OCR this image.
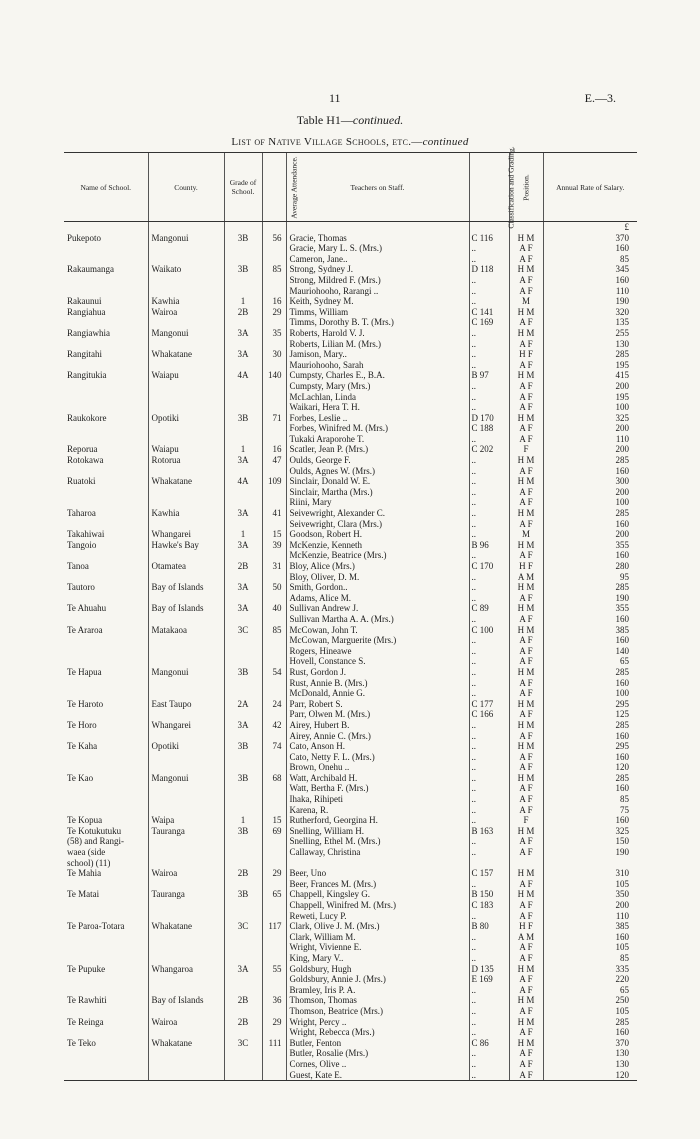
11	E.—3.
Table H1—continued.
List of Native Village Schools, etc.—continued
Name of School.	County.	Grade of School.	Average Attendance.	Teachers on Staff.	Classification and Grading.	Position.	Annual Rate of Salary.
							£
Pukepoto	Mangonui	3B	56	Gracie, Thomas	C 116	H M	370
				Gracie, Mary L. S. (Mrs.)	..	A F	160
				Cameron, Jane..	..	A F	85
Rakaumanga	Waikato	3B	85	Strong, Sydney J.	D 118	H M	345
				Strong, Mildred F. (Mrs.)	..	A F	160
				Mauriohooho, Rarangi ..	..	A F	110
Rakaunui	Kawhia	1	16	Keith, Sydney M.	..	M	190
Rangiahua	Wairoa	2B	29	Timms, William	C 141	H M	320
				Timms, Dorothy B. T. (Mrs.)	C 169	A F	135
Rangiawhia	Mangonui	3A	35	Roberts, Harold V. J.	..	H M	255
				Roberts, Lilian M. (Mrs.)	..	A F	130
Rangitahi	Whakatane	3A	30	Jamison, Mary..	..	H F	285
				Mauriohooho, Sarah	..	A F	195
Rangitukia	Waiapu	4A	140	Cumpsty, Charles E., B.A.	B 97	H M	415
				Cumpsty, Mary (Mrs.)	..	A F	200
				McLachlan, Linda	..	A F	195
				Waikari, Hera T. H.	..	A F	100
Raukokore	Opotiki	3B	71	Forbes, Leslie ..	D 170	H M	325
				Forbes, Winifred M. (Mrs.)	C 188	A F	200
				Tukaki Araporohe T.	..	A F	110
Reporua	Waiapu	1	16	Scatler, Jean P. (Mrs.)	C 202	F	200
Rotokawa	Rotorua	3A	47	Oulds, George F.	..	H M	285
				Oulds, Agnes W. (Mrs.)	..	A F	160
Ruatoki	Whakatane	4A	109	Sinclair, Donald W. E.	..	H M	300
				Sinclair, Martha (Mrs.)	..	A F	200
				Riini, Mary	..	A F	100
Taharoa	Kawhia	3A	41	Seivewright, Alexander C.	..	H M	285
				Seivewright, Clara (Mrs.)	..	A F	160
Takahiwai	Whangarei	1	15	Goodson, Robert H.	..	M	200
Tangoio	Hawke's Bay	3A	39	McKenzie, Kenneth	B 96	H M	355
				McKenzie, Beatrice (Mrs.)	..	A F	160
Tanoa	Otamatea	2B	31	Bloy, Alice (Mrs.)	C 170	H F	280
				Bloy, Oliver, D. M.	..	A M	95
Tautoro	Bay of Islands	3A	50	Smith, Gordon..	..	H M	285
				Adams, Alice M.	..	A F	190
Te Ahuahu	Bay of Islands	3A	40	Sullivan Andrew J.	C 89	H M	355
				Sullivan Martha A. A. (Mrs.)	..	A F	160
Te Araroa	Matakaoa	3C	85	McCowan, John T.	C 100	H M	385
				McCowan, Marguerite (Mrs.)	..	A F	160
				Rogers, Hineawe	..	A F	140
				Hovell, Constance S.	..	A F	65
Te Hapua	Mangonui	3B	54	Rust, Gordon J.	..	H M	285
				Rust, Annie B. (Mrs.)	..	A F	160
				McDonald, Annie G.	..	A F	100
Te Haroto	East Taupo	2A	24	Parr, Robert S.	C 177	H M	295
				Parr, Olwen M. (Mrs.)	C 166	A F	125
Te Horo	Whangarei	3A	42	Airey, Hubert B.	..	H M	285
				Airey, Annie C. (Mrs.)	..	A F	160
Te Kaha	Opotiki	3B	74	Cato, Anson H.	..	H M	295
				Cato, Netty F. L. (Mrs.)	..	A F	160
				Brown, Onehu ..	..	A F	120
Te Kao	Mangonui	3B	68	Watt, Archibald H.	..	H M	285
				Watt, Bertha F. (Mrs.)	..	A F	160
				Ihaka, Rihipeti	..	A F	85
				Karena, R.	..	A F	75
Te Kopua	Waipa	1	15	Rutherford, Georgina H.	..	F	160
Te Kotukutuku	Tauranga	3B	69	Snelling, William H.	B 163	H M	325
(58) and Rangi-				Snelling, Ethel M. (Mrs.)	..	A F	150
waea (side				Callaway, Christina	..	A F	190
school) (11)							
Te Mahia	Wairoa	2B	29	Beer, Uno	C 157	H M	310
				Beer, Frances M. (Mrs.)	..	A F	105
Te Matai	Tauranga	3B	65	Chappell, Kingsley G.	B 150	H M	350
				Chappell, Winifred M. (Mrs.)	C 183	A F	200
				Reweti, Lucy P.	..	A F	110
Te Paroa-Totara	Whakatane	3C	117	Clark, Olive J. M. (Mrs.)	B 80	H F	385
				Clark, William M.	..	A M	160
				Wright, Vivienne E.	..	A F	105
				King, Mary V..	..	A F	85
Te Pupuke	Whangaroa	3A	55	Goldsbury, Hugh	D 135	H M	335
				Goldsbury, Annie J. (Mrs.)	E 169	A F	220
				Bramley, Iris P. A.	..	A F	65
Te Rawhiti	Bay of Islands	2B	36	Thomson, Thomas	..	H M	250
				Thomson, Beatrice (Mrs.)	..	A F	105
Te Reinga	Wairoa	2B	29	Wright, Percy ..	..	H M	285
				Wright, Rebecca (Mrs.)	..	A F	160
Te Teko	Whakatane	3C	111	Butler, Fenton	C 86	H M	370
				Butler, Rosalie (Mrs.)	..	A F	130
				Cornes, Olive ..	..	A F	130
				Guest, Kate E.	..	A F	120
